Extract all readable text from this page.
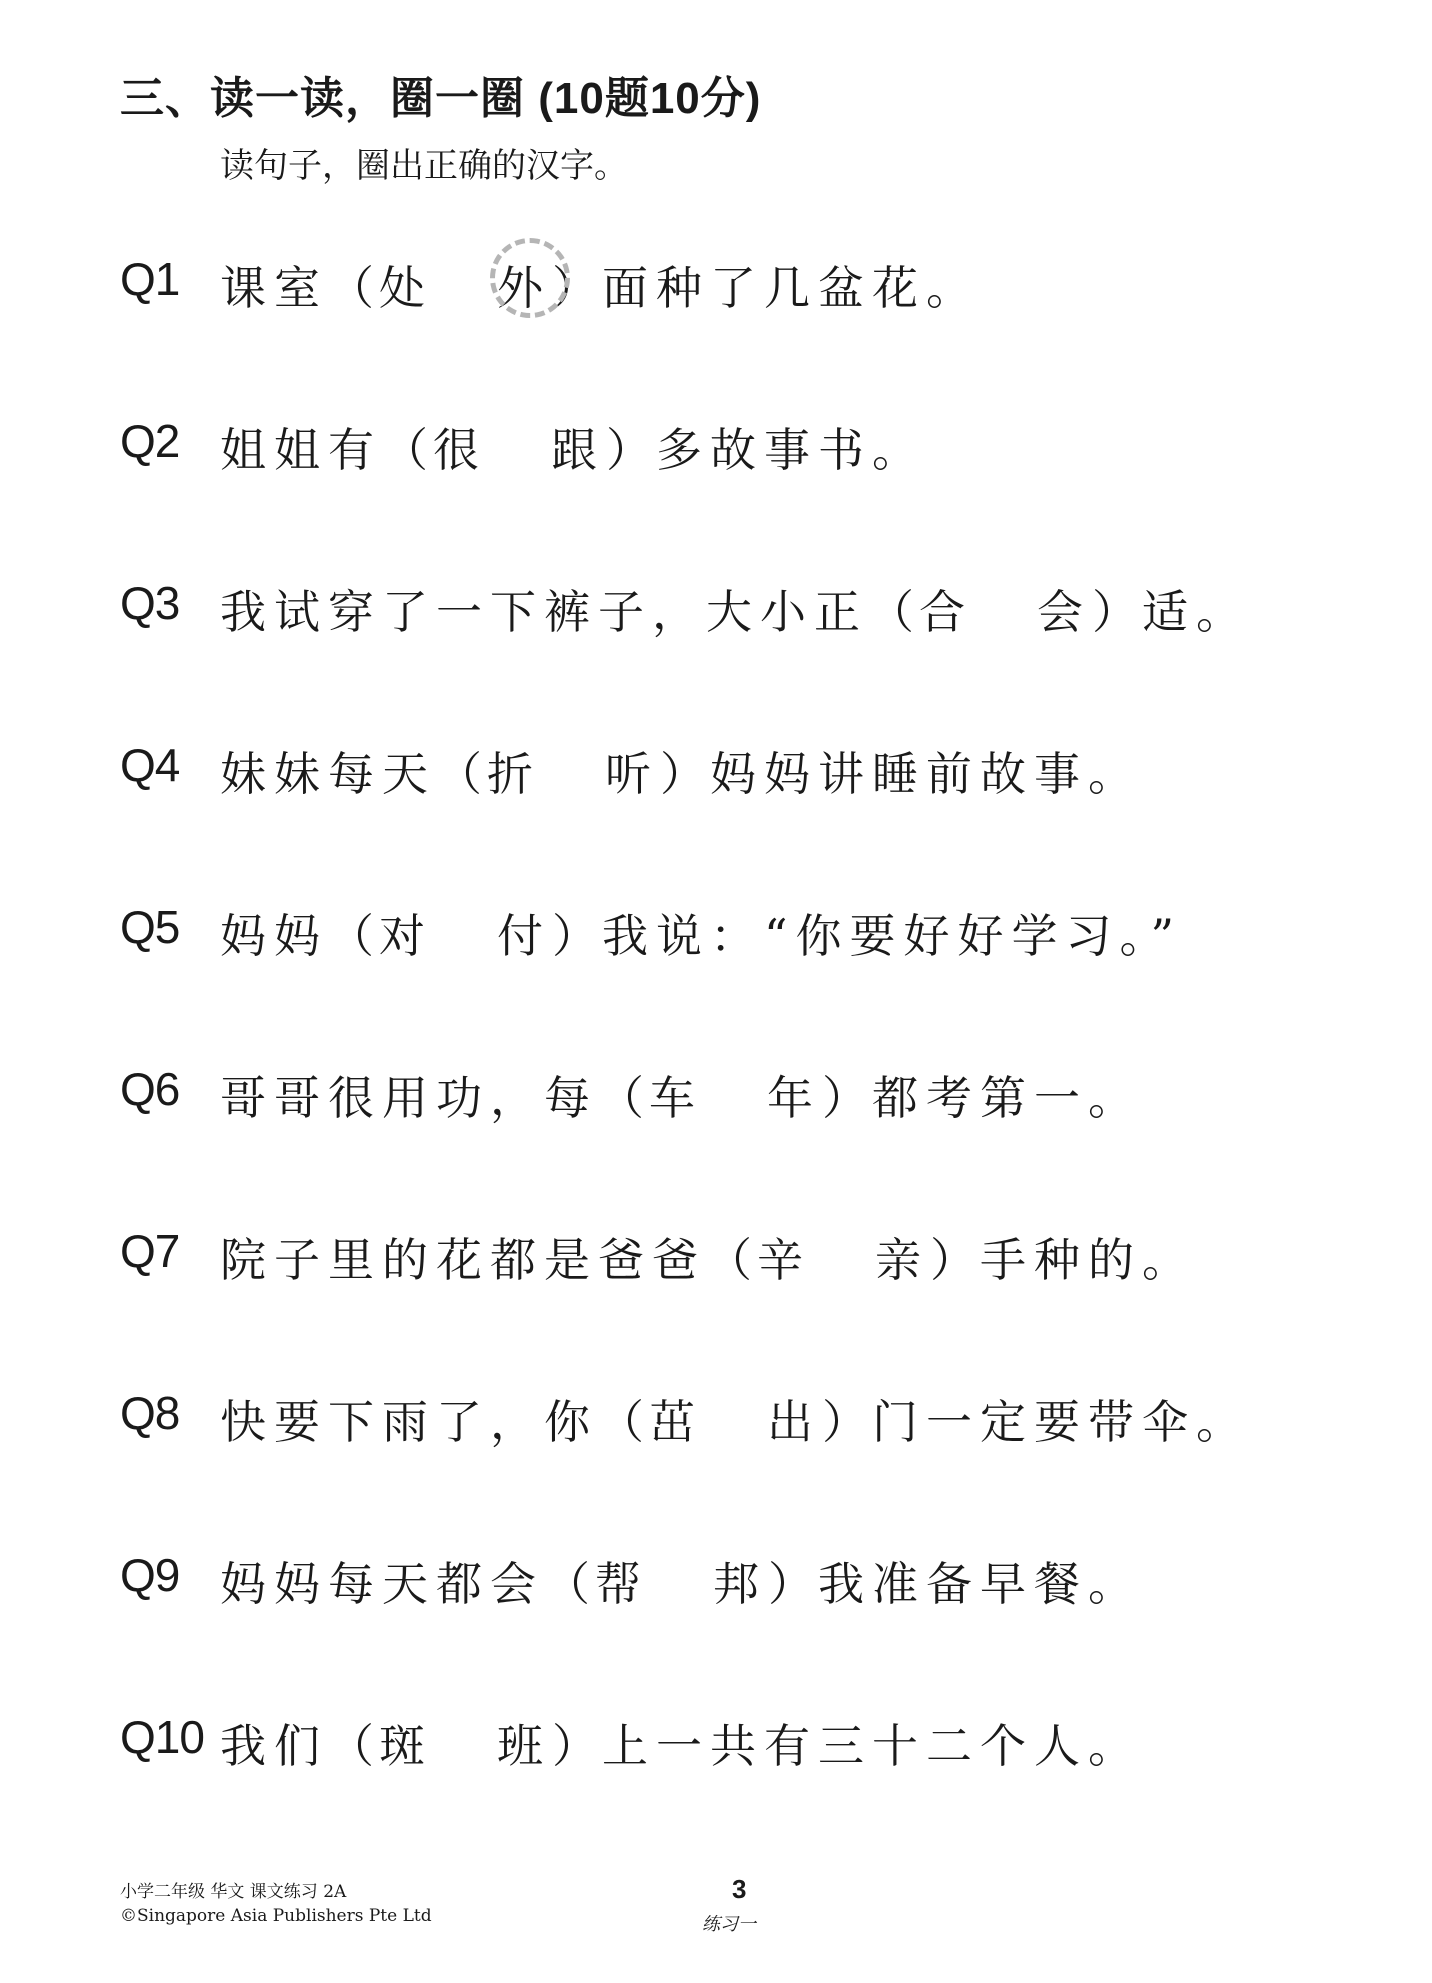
三、读一读，圈一圈 (10题10分)
读句子，圈出正确的汉字。
Q1 课室（处 外）面种了几盆花。
Q2 姐姐有（很 跟）多故事书。
Q3 我试穿了一下裤子，大小正（合 会）适。
Q4 妹妹每天（折 听）妈妈讲睡前故事。
Q5 妈妈（对 付）我说：“你要好好学习。”
Q6 哥哥很用功，每（车 年）都考第一。
Q7 院子里的花都是爸爸（辛 亲）手种的。
Q8 快要下雨了，你（茁 出）门一定要带伞。
Q9 妈妈每天都会（帮 邦）我准备早餐。
Q10 我们（斑 班）上一共有三十二个人。
小学二年级 华文 课文练习 2A
©Singapore Asia Publishers Pte Ltd
3
练习一
